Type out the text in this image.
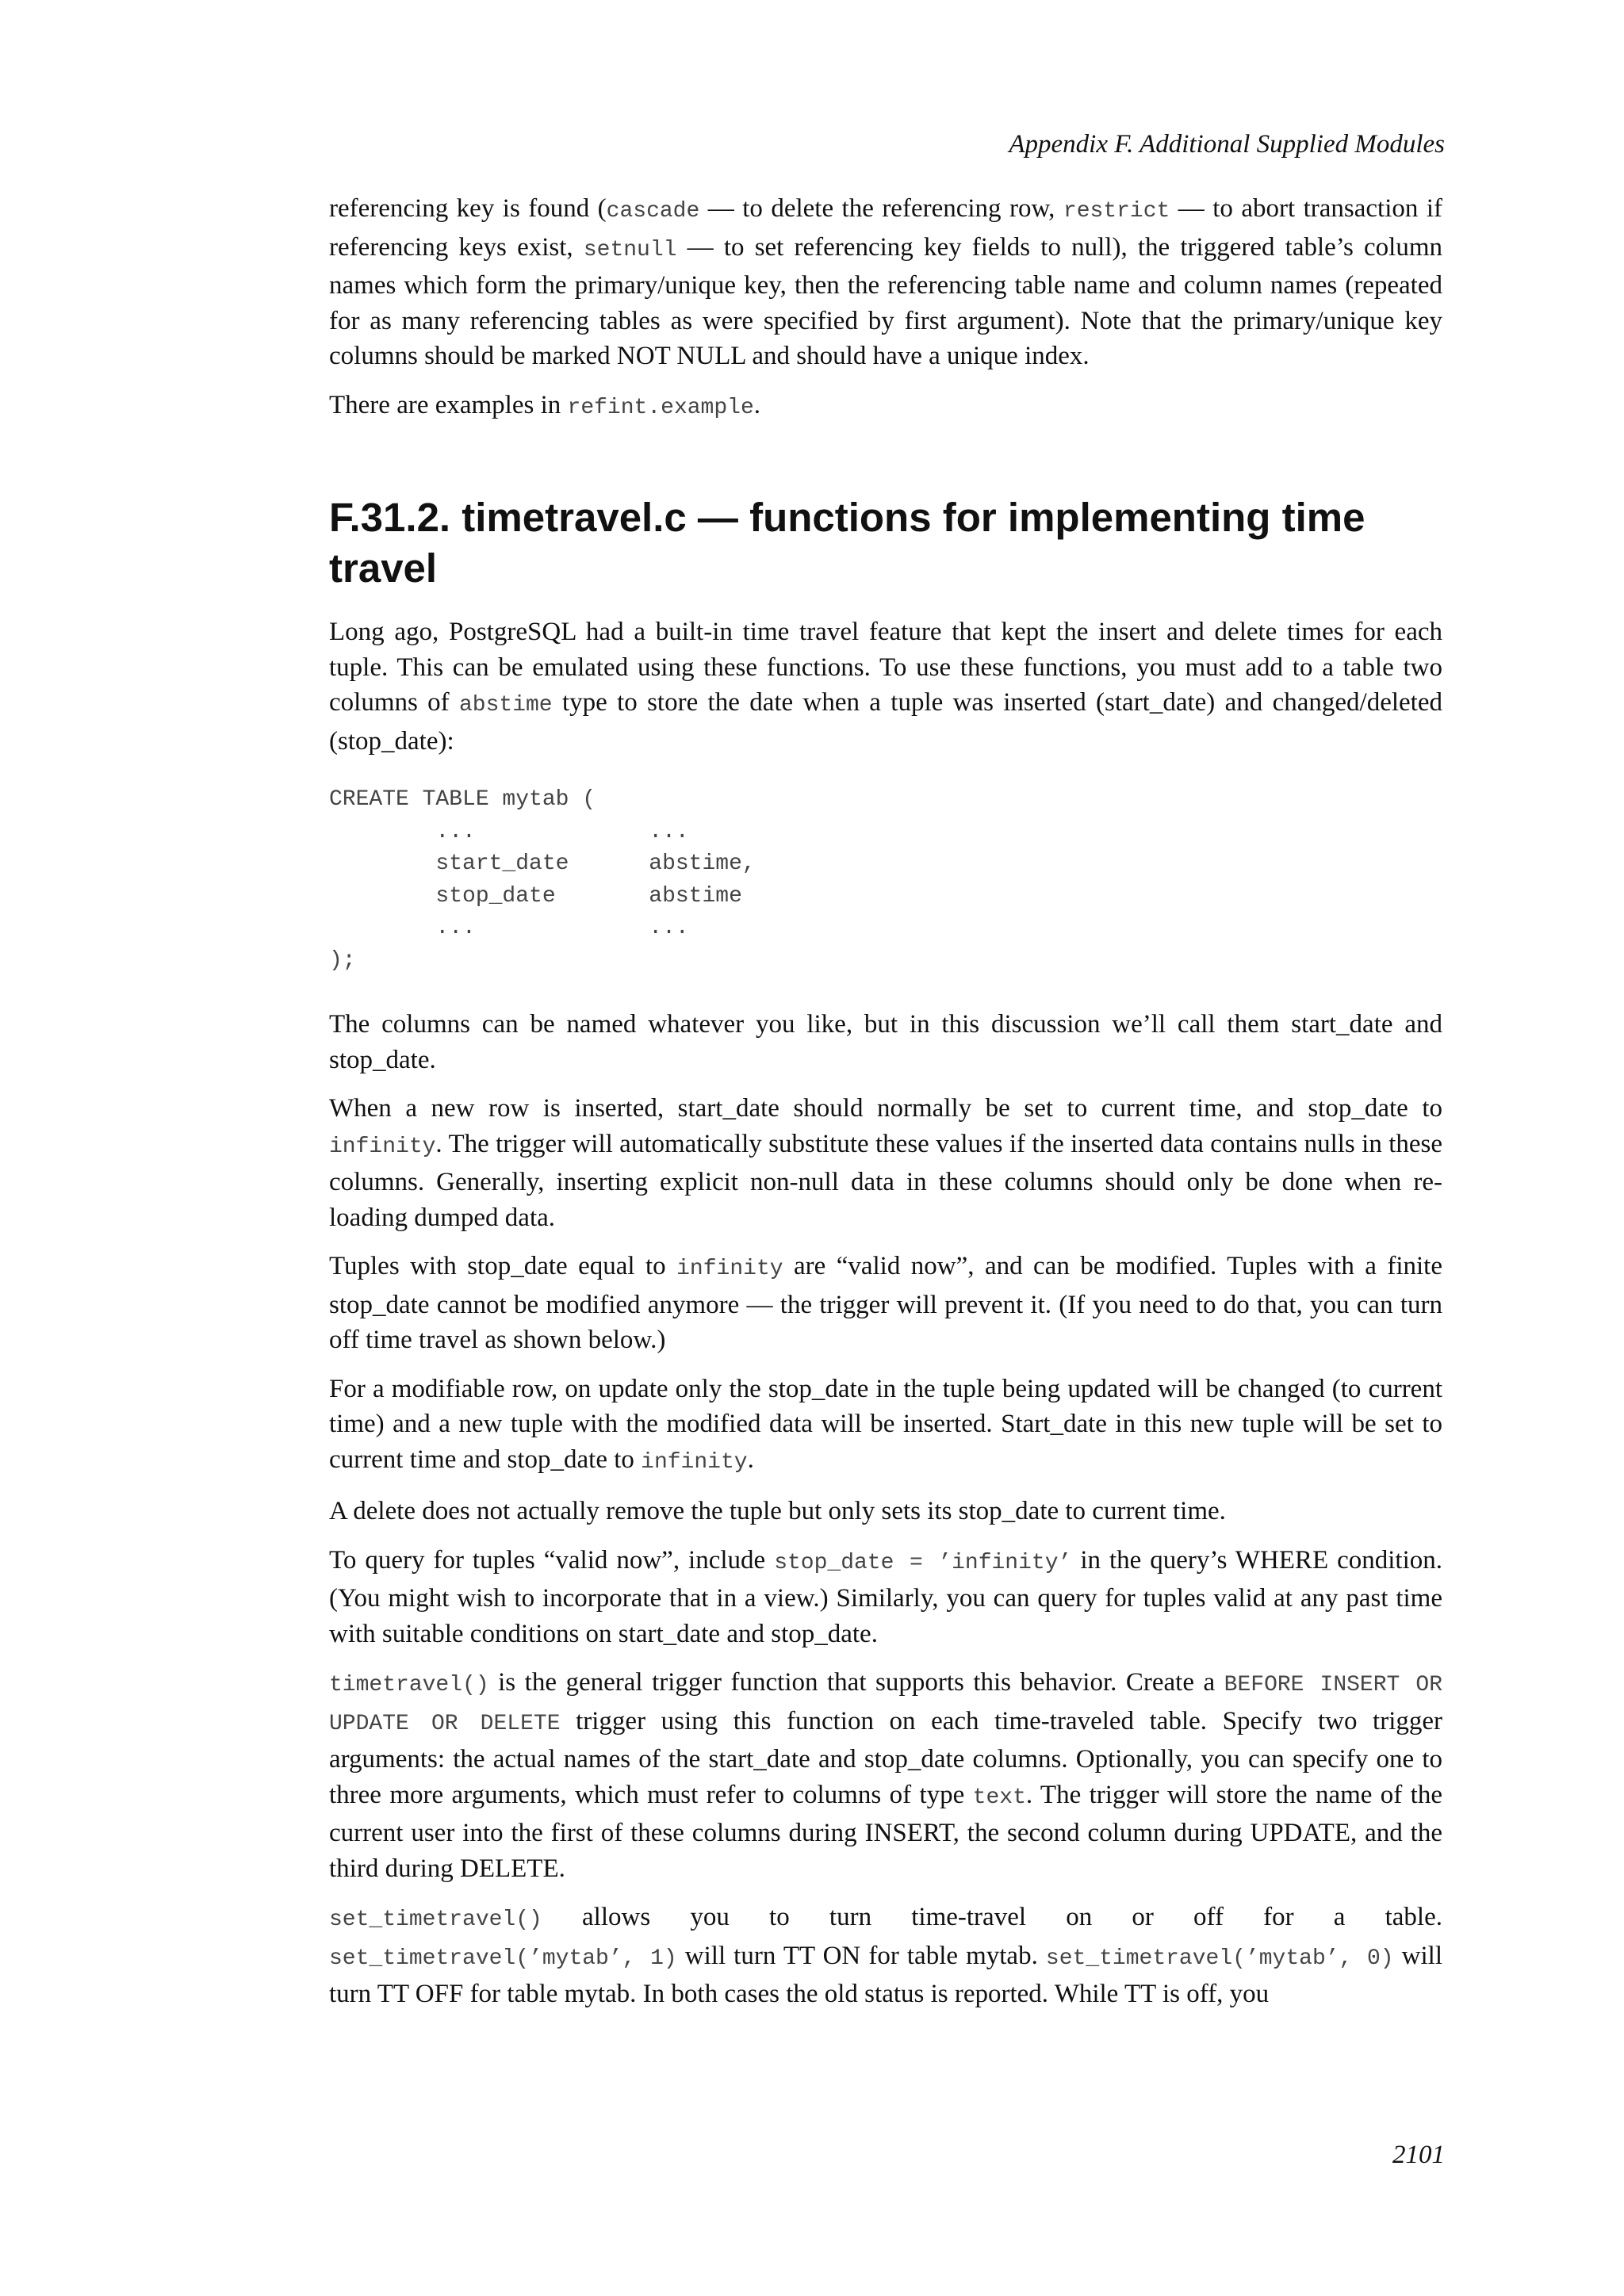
Appendix F. Additional Supplied Modules

referencing key is found (cascade — to delete the referencing row, restrict — to abort transaction if referencing keys exist, setnull — to set referencing key fields to null), the triggered table’s column names which form the primary/unique key, then the referencing table name and column names (repeated for as many referencing tables as were specified by first argument). Note that the primary/unique key columns should be marked NOT NULL and should have a unique index.

There are examples in refint.example.

F.31.2. timetravel.c — functions for implementing time travel

Long ago, PostgreSQL had a built-in time travel feature that kept the insert and delete times for each tuple. This can be emulated using these functions. To use these functions, you must add to a table two columns of abstime type to store the date when a tuple was inserted (start_date) and changed/deleted (stop_date):

CREATE TABLE mytab (
...             ...
start_date      abstime,
stop_date       abstime
...             ...
);

The columns can be named whatever you like, but in this discussion we’ll call them start_date and stop_date.

When a new row is inserted, start_date should normally be set to current time, and stop_date to infinity. The trigger will automatically substitute these values if the inserted data contains nulls in these columns. Generally, inserting explicit non-null data in these columns should only be done when re-loading dumped data.

Tuples with stop_date equal to infinity are “valid now”, and can be modified. Tuples with a finite stop_date cannot be modified anymore — the trigger will prevent it. (If you need to do that, you can turn off time travel as shown below.)

For a modifiable row, on update only the stop_date in the tuple being updated will be changed (to current time) and a new tuple with the modified data will be inserted. Start_date in this new tuple will be set to current time and stop_date to infinity.

A delete does not actually remove the tuple but only sets its stop_date to current time.

To query for tuples “valid now”, include stop_date = ’infinity’ in the query’s WHERE condition. (You might wish to incorporate that in a view.) Similarly, you can query for tuples valid at any past time with suitable conditions on start_date and stop_date.

timetravel() is the general trigger function that supports this behavior. Create a BEFORE INSERT OR UPDATE OR DELETE trigger using this function on each time-traveled table. Specify two trigger arguments: the actual names of the start_date and stop_date columns. Optionally, you can specify one to three more arguments, which must refer to columns of type text. The trigger will store the name of the current user into the first of these columns during INSERT, the second column during UPDATE, and the third during DELETE.

set_timetravel() allows you to turn time-travel on or off for a table.
set_timetravel(’mytab’, 1) will turn TT ON for table mytab. set_timetravel(’mytab’, 0) will turn TT OFF for table mytab. In both cases the old status is reported. While TT is off, you

2101
